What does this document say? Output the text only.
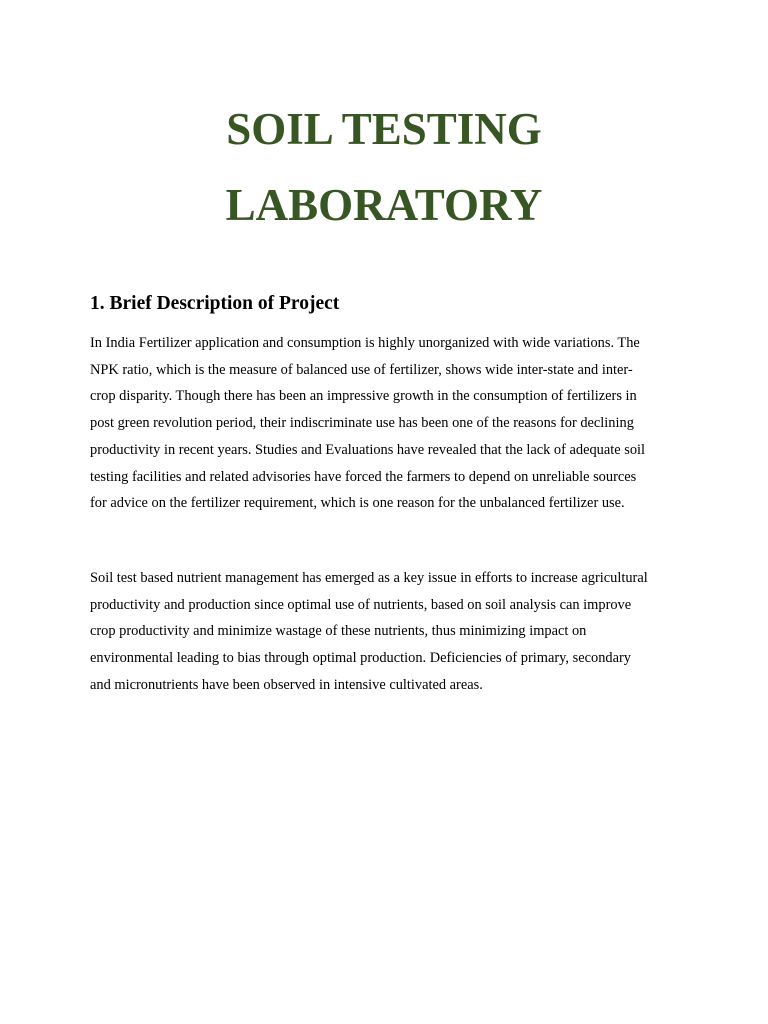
SOIL TESTING
LABORATORY
1. Brief Description of Project

In India Fertilizer application and consumption is highly unorganized with wide variations. The
NPK ratio, which is the measure of balanced use of fertilizer, shows wide inter-state and inter-
crop disparity. Though there has been an impressive growth in the consumption of fertilizers in
post green revolution period, their indiscriminate use has been one of the reasons for declining
productivity in recent years. Studies and Evaluations have revealed that the lack of adequate soil
testing facilities and related advisories have forced the farmers to depend on unreliable sources
for advice on the fertilizer requirement, which is one reason for the unbalanced fertilizer use.

Soil test based nutrient management has emerged as a key issue in efforts to increase agricultural
productivity and production since optimal use of nutrients, based on soil analysis can improve
crop productivity and minimize wastage of these nutrients, thus minimizing impact on
environmental leading to bias through optimal production. Deficiencies of primary, secondary
and micronutrients have been observed in intensive cultivated areas.
